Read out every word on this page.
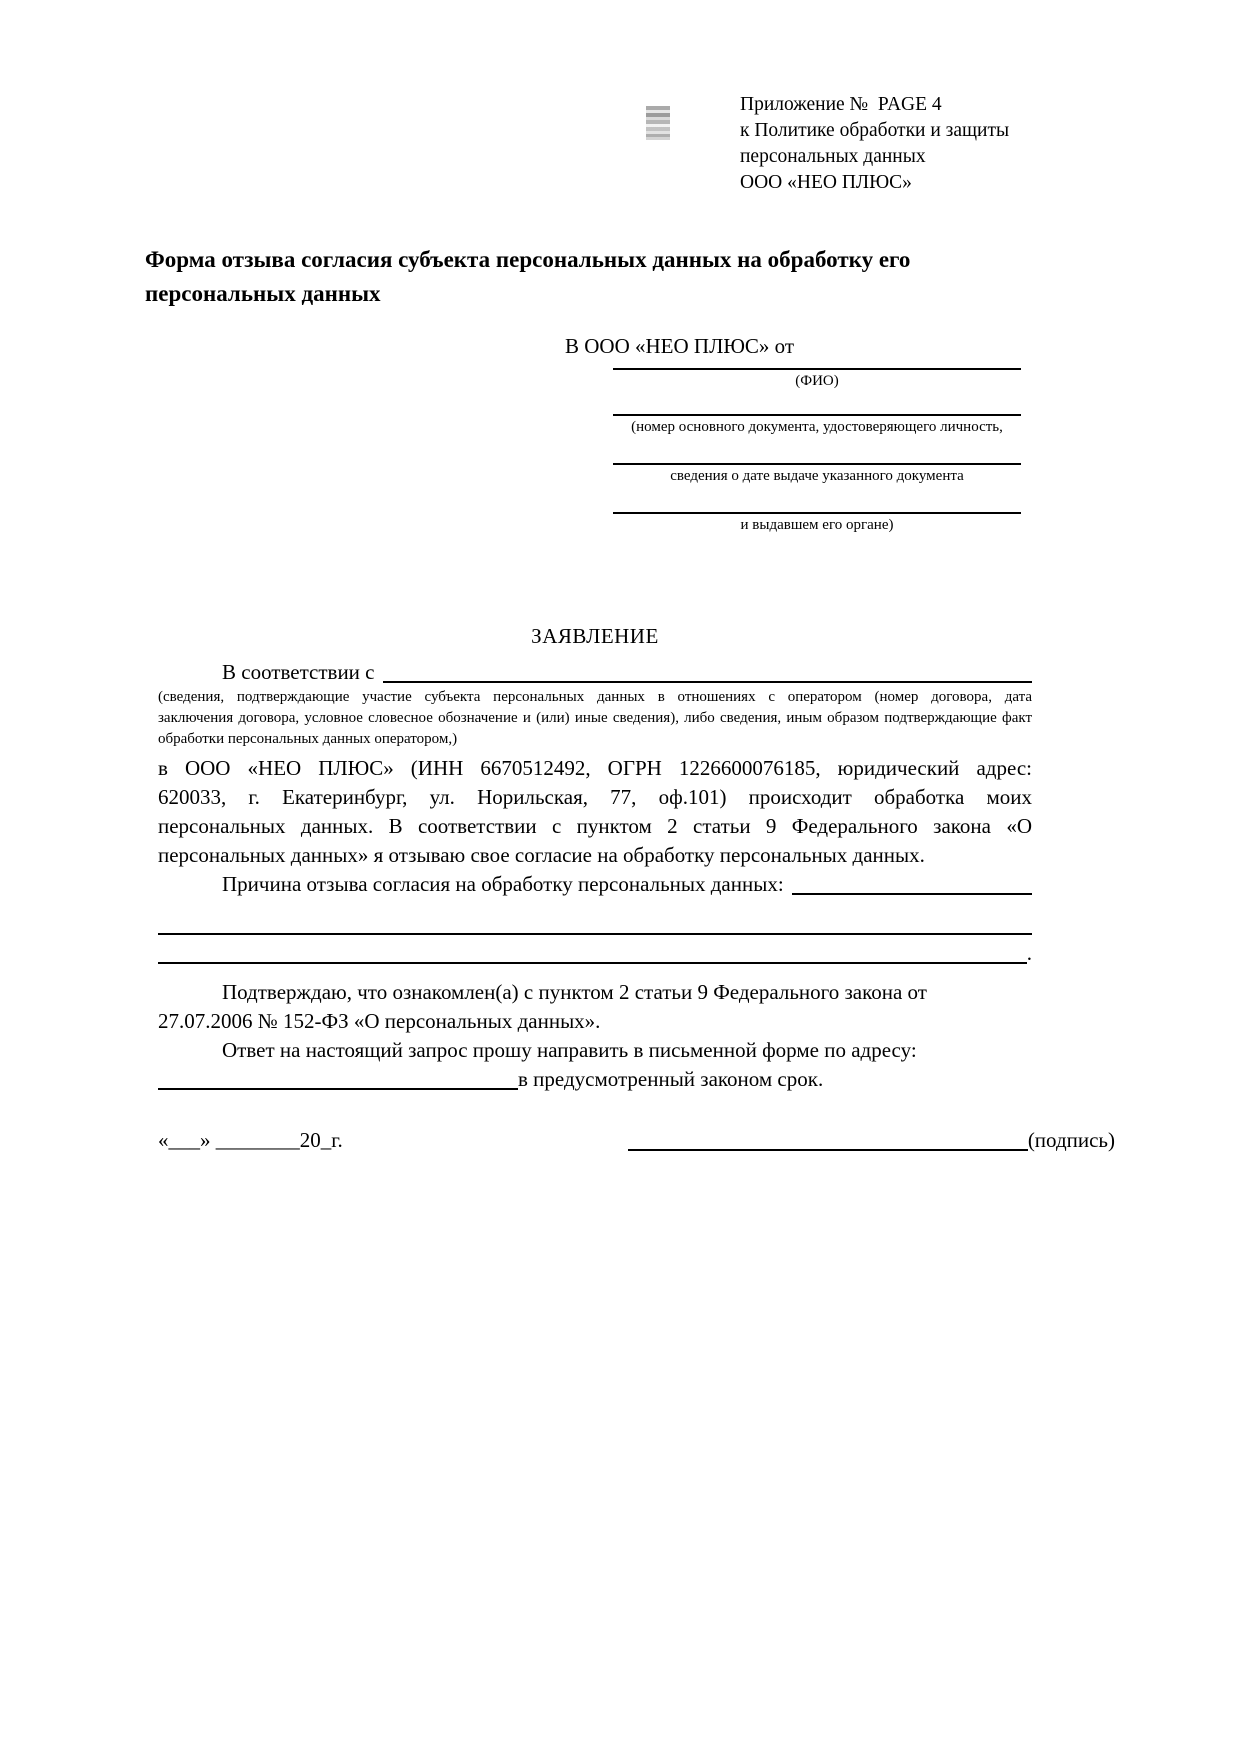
Приложение №  PAGE 4
к Политике обработки и защиты
персональных данных
ООО «НЕО ПЛЮС»
Форма отзыва согласия субъекта персональных данных на обработку его
персональных данных
В ООО «НЕО ПЛЮС» от
(ФИО)
(номер основного документа, удостоверяющего личность,
сведения о дате выдаче указанного документа
и выдавшем его органе)
ЗАЯВЛЕНИЕ
В соответствии с
(сведения, подтверждающие участие субъекта персональных данных в отношениях с оператором (номер договора, дата
заключения договора, условное словесное обозначение и (или) иные сведения), либо сведения, иным образом подтверждающие факт
обработки персональных данных оператором,)
в ООО «НЕО ПЛЮС» (ИНН 6670512492, ОГРН 1226600076185, юридический адрес:
620033, г. Екатеринбург, ул. Норильская, 77, оф.101) происходит обработка моих
персональных данных. В соответствии с пунктом 2 статьи 9 Федерального закона «О
персональных данных» я отзываю свое согласие на обработку персональных данных.
Причина отзыва согласия на обработку персональных данных:
.
Подтверждаю, что ознакомлен(а) с пунктом 2 статьи 9 Федерального закона от
27.07.2006 № 152-ФЗ «О персональных данных».
Ответ на настоящий запрос прошу направить в письменной форме по адресу:
в предусмотренный законом срок.
«___» ________20_г.	(подпись)
